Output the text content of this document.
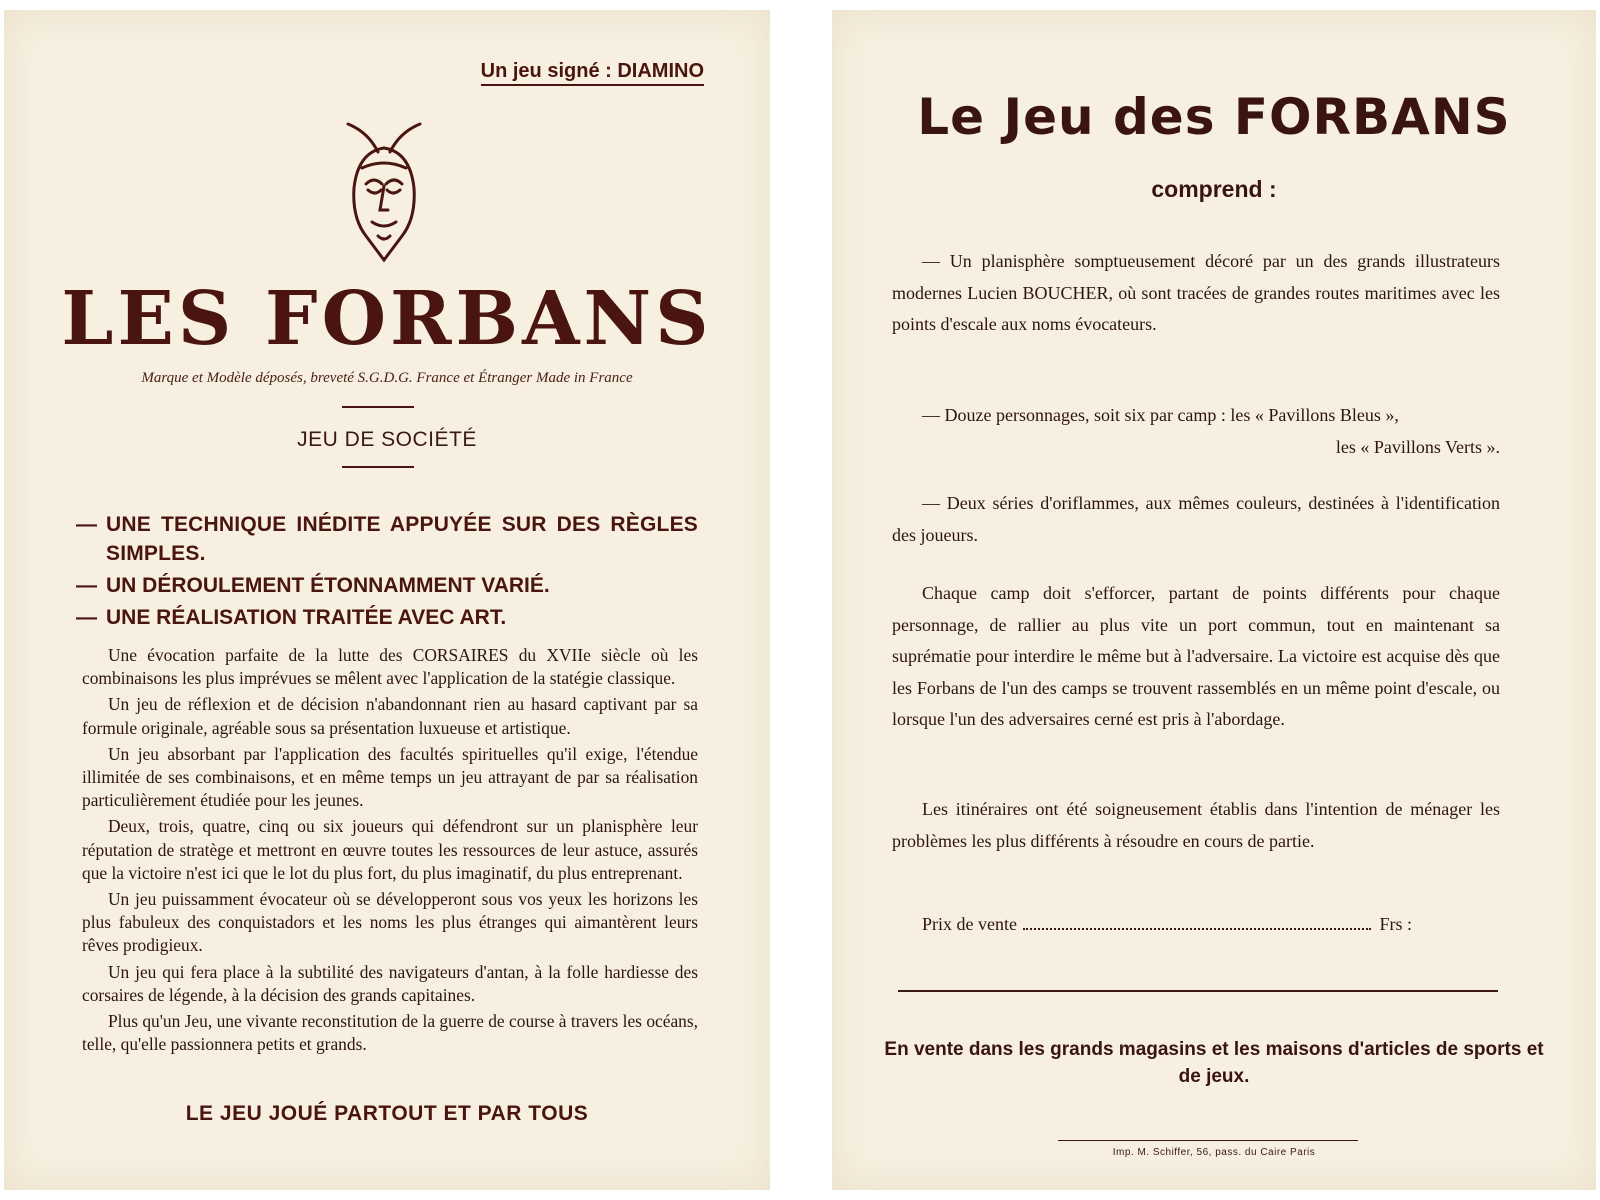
Un jeu signé : DIAMINO
LES FORBANS
Marque et Modèle déposés, breveté S.G.D.G. France et Étranger Made in France
JEU DE SOCIÉTÉ
— UNE TECHNIQUE INÉDITE APPUYÉE SUR DES RÈGLES SIMPLES.
— UN DÉROULEMENT ÉTONNAMMENT VARIÉ.
— UNE RÉALISATION TRAITÉE AVEC ART.

Une évocation parfaite de la lutte des CORSAIRES du XVIIe siècle où les combinaisons les plus imprévues se mêlent avec l'application de la statégie classique.

Un jeu de réflexion et de décision n'abandonnant rien au hasard captivant par sa formule originale, agréable sous sa présentation luxueuse et artistique.

Un jeu absorbant par l'application des facultés spirituelles qu'il exige, l'étendue illimitée de ses combinaisons, et en même temps un jeu attrayant de par sa réalisation particulièrement étudiée pour les jeunes.

Deux, trois, quatre, cinq ou six joueurs qui défendront sur un planisphère leur réputation de stratège et mettront en œuvre toutes les ressources de leur astuce, assurés que la victoire n'est ici que le lot du plus fort, du plus imaginatif, du plus entreprenant.

Un jeu puissamment évocateur où se développeront sous vos yeux les horizons les plus fabuleux des conquistadors et les noms les plus étranges qui aimantèrent leurs rêves prodigieux.

Un jeu qui fera place à la subtilité des navigateurs d'antan, à la folle hardiesse des corsaires de légende, à la décision des grands capitaines.

Plus qu'un Jeu, une vivante reconstitution de la guerre de course à travers les océans, telle, qu'elle passionnera petits et grands.

LE JEU JOUÉ PARTOUT ET PAR TOUS
Le Jeu des FORBANS
comprend :

— Un planisphère somptueusement décoré par un des grands illustrateurs modernes Lucien BOUCHER, où sont tracées de grandes routes maritimes avec les points d'escale aux noms évocateurs.

— Douze personnages, soit six par camp : les « Pavillons Bleus »,

les « Pavillons Verts ».

— Deux séries d'oriflammes, aux mêmes couleurs, destinées à l'identification des joueurs.

Chaque camp doit s'efforcer, partant de points différents pour chaque personnage, de rallier au plus vite un port commun, tout en maintenant sa suprématie pour interdire le même but à l'adversaire. La victoire est acquise dès que les Forbans de l'un des camps se trouvent rassemblés en un même point d'escale, ou lorsque l'un des adversaires cerné est pris à l'abordage.

Les itinéraires ont été soigneusement établis dans l'intention de ménager les problèmes les plus différents à résoudre en cours de partie.

Prix de vente	Frs :
En vente dans les grands magasins et les maisons d'articles de sports et de jeux.
Imp. M. Schiffer, 56, pass. du Caire Paris
